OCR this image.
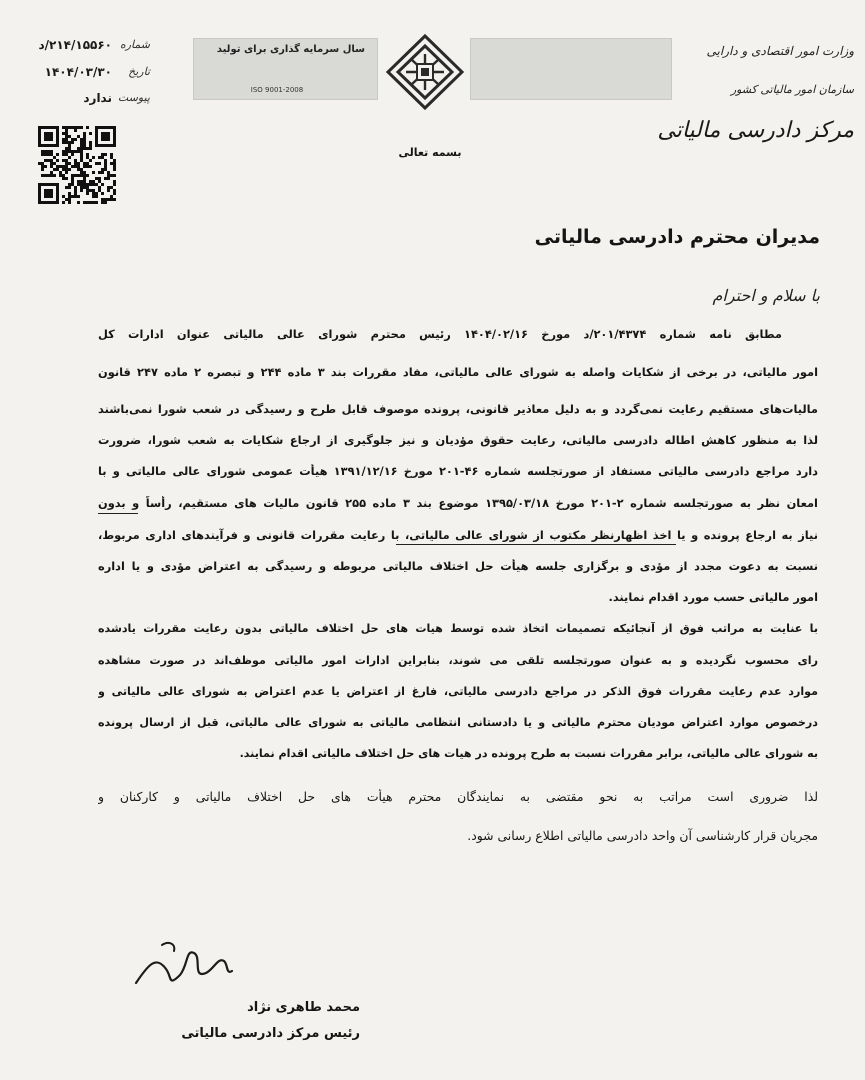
سال سرمایه گذاری برای تولید
ISO 9001-2008
وزارت امور اقتصادی و دارایی
سازمان امور مالیاتی کشور
مرکز دادرسی مالیاتی
شماره
۲۱۴/۱۵۵۶۰/د
تاریخ
۱۴۰۴/۰۳/۳۰
پیوست
ندارد
بسمه تعالی
مدیران محترم دادرسی مالیاتی
با سلام و احترام
مطابق نامه شماره ۲۰۱/۴۳۷۴/د مورخ ۱۴۰۴/۰۲/۱۶ رئیس محترم شورای عالی مالیاتی عنوان ادارات کل
امور مالیاتی، در برخی از شکایات واصله به شورای عالی مالیاتی، مفاد مقررات بند ۳ ماده ۲۴۴ و تبصره ۲ ماده ۲۴۷ قانون
مالیات‌های مستقیم رعایت نمی‌گردد و به دلیل معاذیر قانونی، پرونده موصوف قابل طرح و رسیدگی در شعب شورا نمی‌باشند
لذا به منظور کاهش اطاله دادرسی مالیاتی، رعایت حقوق مؤدیان و نیز جلوگیری از ارجاع شکایات به شعب شورا، ضرورت
دارد مراجع دادرسی مالیاتی مستفاد از صورتجلسه شماره ۴۶-۲۰۱ مورخ ۱۳۹۱/۱۲/۱۶ هیأت عمومی شورای عالی مالیاتی و با
امعان نظر به صورتجلسه شماره ۲-۲۰۱ مورخ ۱۳۹۵/۰۳/۱۸ موضوع بند ۳ ماده ۲۵۵ قانون مالیات های مستقیم، رأساً و بدون
نیاز به ارجاع پرونده و یا اخذ اظهارنظر مکتوب از شورای عالی مالیاتی، با رعایت مقررات قانونی و فرآیندهای اداری مربوط،
نسبت به دعوت مجدد از مؤدی و برگزاری جلسه هیأت حل اختلاف مالیاتی مربوطه و رسیدگی به اعتراض مؤدی و یا اداره
امور مالیاتی حسب مورد اقدام نمایند.
با عنایت به مراتب فوق از آنجائیکه تصمیمات اتخاذ شده توسط هیات های حل اختلاف مالیاتی بدون رعایت مقررات یادشده
رای محسوب نگردیده و به عنوان صورتجلسه تلقی می شوند، بنابراین ادارات امور مالیاتی موظف‌اند در صورت مشاهده
موارد عدم رعایت مقررات فوق الذکر در مراجع دادرسی مالیاتی، فارغ از اعتراض یا عدم اعتراض به شورای عالی مالیاتی و
درخصوص موارد اعتراض مودیان محترم مالیاتی و یا دادستانی انتظامی مالیاتی به شورای عالی مالیاتی، قبل از ارسال پرونده
به شورای عالی مالیاتی، برابر مقررات نسبت به طرح پرونده در هیات های حل اختلاف مالیاتی اقدام نمایند.
لذا ضروری است مراتب به نحو مقتضی به نمایندگان محترم هیأت های حل اختلاف مالیاتی و کارکنان و
مجریان قرار کارشناسی آن واحد دادرسی مالیاتی اطلاع رسانی شود.
محمد طاهری نژاد
رئیس مرکز دادرسی مالیاتی
